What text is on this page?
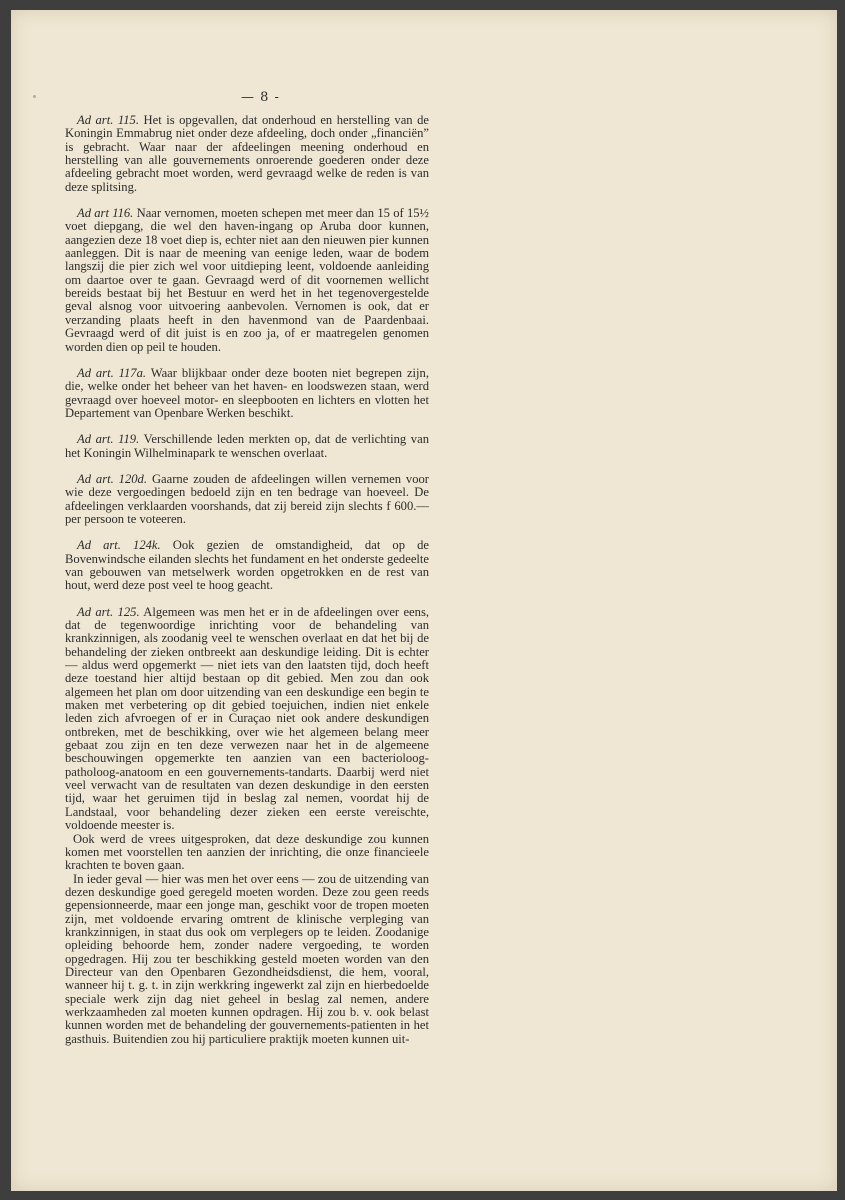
— 8 -

Ad art. 115. Het is opgevallen, dat onderhoud en herstelling van de Koningin Emmabrug niet onder deze afdeeling, doch onder „financiën” is gebracht. Waar naar der afdeelingen meening onderhoud en herstelling van alle gouvernements onroerende goederen onder deze afdeeling gebracht moet worden, werd gevraagd welke de reden is van deze splitsing.

Ad art 116. Naar vernomen, moeten schepen met meer dan 15 of 15½ voet diepgang, die wel den haven-ingang op Aruba door kunnen, aangezien deze 18 voet diep is, echter niet aan den nieuwen pier kunnen aanleggen. Dit is naar de meening van eenige leden, waar de bodem langszij die pier zich wel voor uitdieping leent, voldoende aanleiding om daartoe over te gaan. Gevraagd werd of dit voornemen wellicht bereids bestaat bij het Bestuur en werd het in het tegenovergestelde geval alsnog voor uitvoering aanbevolen. Vernomen is ook, dat er verzanding plaats heeft in den havenmond van de Paardenbaai. Gevraagd werd of dit juist is en zoo ja, of er maatregelen genomen worden dien op peil te houden.

Ad art. 117a. Waar blijkbaar onder deze booten niet begrepen zijn, die, welke onder het beheer van het haven- en loodswezen staan, werd gevraagd over hoeveel motor- en sleepbooten en lichters en vlotten het Departement van Openbare Werken beschikt.

Ad art. 119. Verschillende leden merkten op, dat de verlichting van het Koningin Wilhelminapark te wenschen overlaat.

Ad art. 120d. Gaarne zouden de afdeelingen willen vernemen voor wie deze vergoedingen bedoeld zijn en ten bedrage van hoeveel. De afdeelingen verklaarden voorshands, dat zij bereid zijn slechts f 600.— per persoon te voteeren.

Ad art. 124k. Ook gezien de omstandigheid, dat op de Bovenwindsche eilanden slechts het fundament en het onderste gedeelte van gebouwen van metselwerk worden opgetrokken en de rest van hout, werd deze post veel te hoog geacht.

Ad art. 125. Algemeen was men het er in de afdeelingen over eens, dat de tegenwoordige inrichting voor de behandeling van krankzinnigen, als zoodanig veel te wenschen overlaat en dat het bij de behandeling der zieken ontbreekt aan deskundige leiding. Dit is echter — aldus werd opgemerkt — niet iets van den laatsten tijd, doch heeft deze toestand hier altijd bestaan op dit gebied. Men zou dan ook algemeen het plan om door uitzending van een deskundige een begin te maken met verbetering op dit gebied toejuichen, indien niet enkele leden zich afvroegen of er in Curaçao niet ook andere deskundigen ontbreken, met de beschikking, over wie het algemeen belang meer gebaat zou zijn en ten deze verwezen naar het in de algemeene beschouwingen opgemerkte ten aanzien van een bacterioloog-patholoog-anatoom en een gouvernements-tandarts. Daarbij werd niet veel verwacht van de resultaten van dezen deskundige in den eersten tijd, waar het geruimen tijd in beslag zal nemen, voordat hij de Landstaal, voor behandeling dezer zieken een eerste vereischte, voldoende meester is.

Ook werd de vrees uitgesproken, dat deze deskundige zou kunnen komen met voorstellen ten aanzien der inrichting, die onze financieele krachten te boven gaan.

In ieder geval — hier was men het over eens — zou de uitzending van dezen deskundige goed geregeld moeten worden. Deze zou geen reeds gepensionneerde, maar een jonge man, geschikt voor de tropen moeten zijn, met voldoende ervaring omtrent de klinische verpleging van krankzinnigen, in staat dus ook om verplegers op te leiden. Zoodanige opleiding behoorde hem, zonder nadere vergoeding, te worden opgedragen. Hij zou ter beschikking gesteld moeten worden van den Directeur van den Openbaren Gezondheidsdienst, die hem, vooral, wanneer hij t. g. t. in zijn werkkring ingewerkt zal zijn en hierbedoelde speciale werk zijn dag niet geheel in beslag zal nemen, andere werkzaamheden zal moeten kunnen opdragen. Hij zou b. v. ook belast kunnen worden met de behandeling der gouvernements-patienten in het gasthuis. Buitendien zou hij particuliere praktijk moeten kunnen uit-
